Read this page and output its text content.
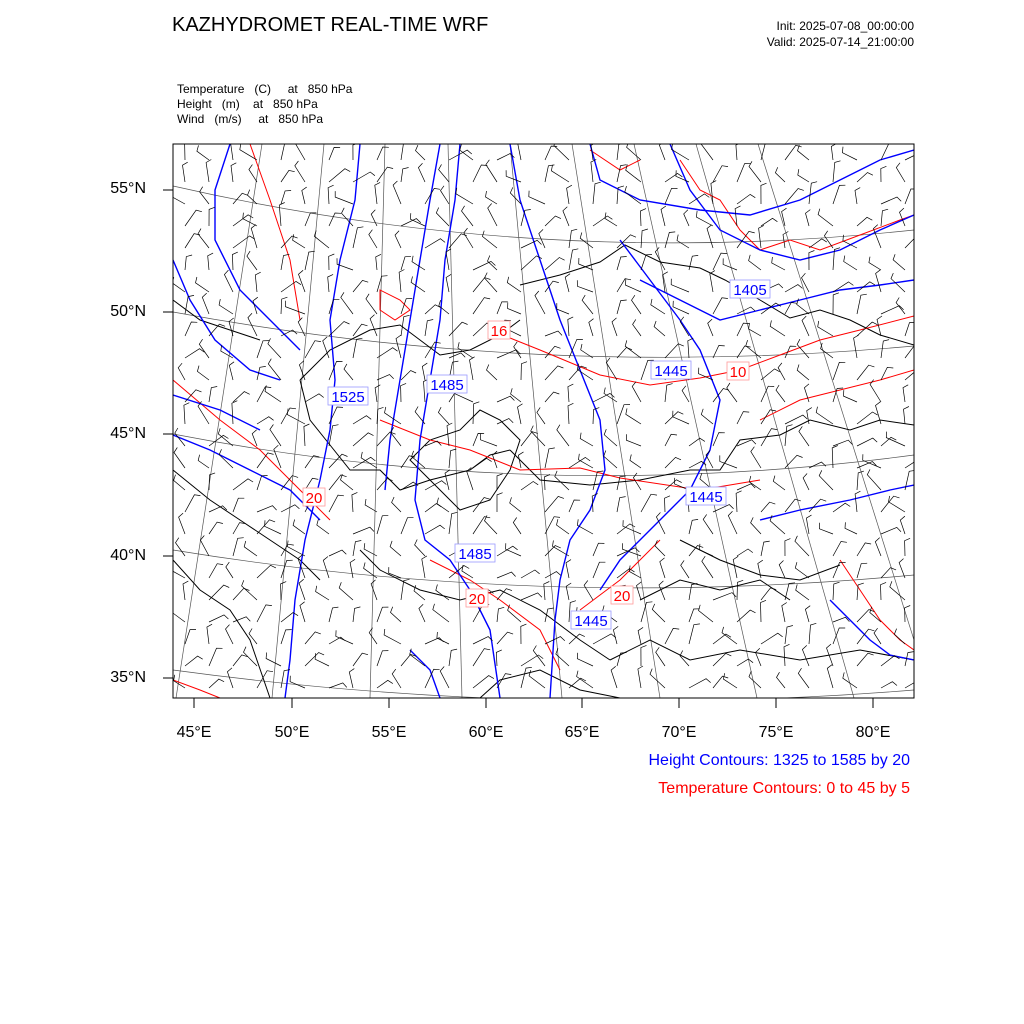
KAZHYDROMET REAL-TIME WRF	Init: 2025-07-08_00:00:00
Valid: 2025-07-14_21:00:00
Temperature (C) at   850 hPa
Height (m) at   850 hPa
Wind (m/s) at   850 hPa
1405
1445
1525
1485
1445
1485
1445
16
10
20
20	20
55°N
50°N
45°N
40°N
35°N
45°E	50°E	55°E	60°E	65°E	70°E	75°E	80°E
Height Contours: 1325 to 1585 by 20
Temperature Contours: 0 to 45 by 5
